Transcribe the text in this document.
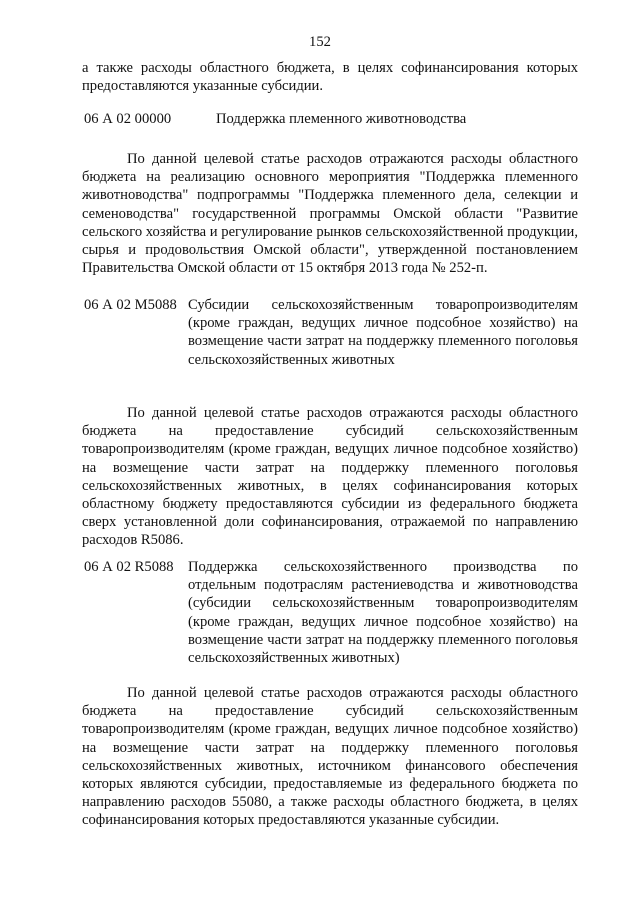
152
а также расходы областного бюджета, в целях софинансирования которых предоставляются указанные субсидии.
06 А 02 00000	Поддержка племенного животноводства
По данной целевой статье расходов отражаются расходы областного бюджета на реализацию основного мероприятия "Поддержка племенного животноводства" подпрограммы "Поддержка племенного дела, селекции и семеноводства" государственной программы Омской области "Развитие сельского хозяйства и регулирование рынков сельскохозяйственной продукции, сырья и продовольствия Омской области", утвержденной постановлением Правительства Омской области от 15 октября 2013 года № 252-п.
06 А 02 М5088 Субсидии сельскохозяйственным товаропроизводителям (кроме граждан, ведущих личное подсобное хозяйство) на возмещение части затрат на поддержку племенного поголовья сельскохозяйственных животных
По данной целевой статье расходов отражаются расходы областного бюджета на предоставление субсидий сельскохозяйственным товаропроизводителям (кроме граждан, ведущих личное подсобное хозяйство) на возмещение части затрат на поддержку племенного поголовья сельскохозяйственных животных, в целях софинансирования которых областному бюджету предоставляются субсидии из федерального бюджета сверх установленной доли софинансирования, отражаемой по направлению расходов R5086.
06 А 02 R5088 Поддержка сельскохозяйственного производства по отдельным подотраслям растениеводства и животноводства (субсидии сельскохозяйственным товаропроизводителям (кроме граждан, ведущих личное подсобное хозяйство) на возмещение части затрат на поддержку племенного поголовья сельскохозяйственных животных)
По данной целевой статье расходов отражаются расходы областного бюджета на предоставление субсидий сельскохозяйственным товаропроизводителям (кроме граждан, ведущих личное подсобное хозяйство) на возмещение части затрат на поддержку племенного поголовья сельскохозяйственных животных, источником финансового обеспечения которых являются субсидии, предоставляемые из федерального бюджета по направлению расходов 55080, а также расходы областного бюджета, в целях софинансирования которых предоставляются указанные субсидии.
